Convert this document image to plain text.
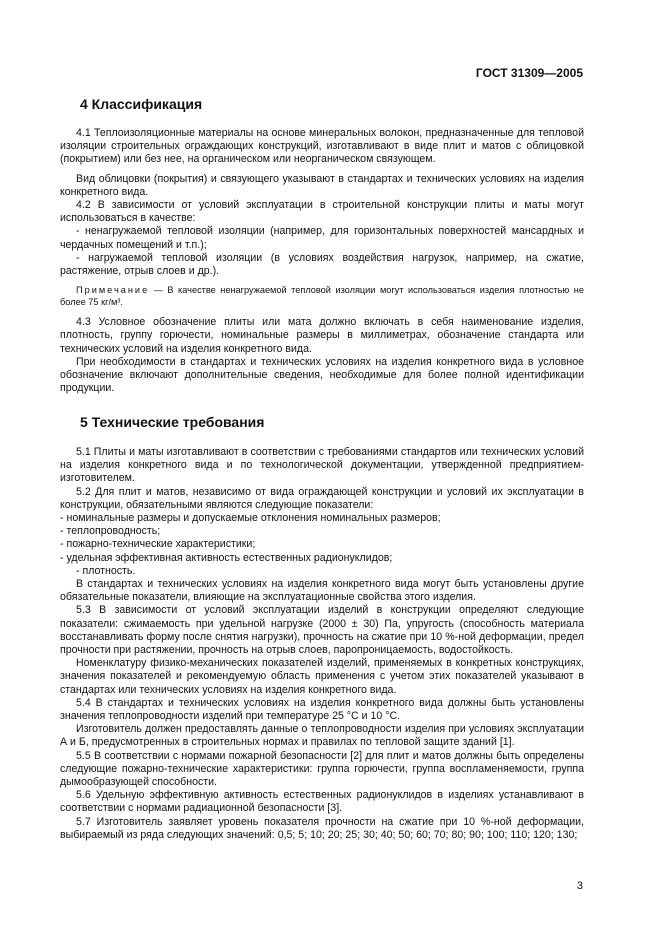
ГОСТ 31309—2005
4 Классификация

4.1 Теплоизоляционные материалы на основе минеральных волокон, предназначенные для тепловой изоляции строительных ограждающих конструкций, изготавливают в виде плит и матов с облицовкой (покрытием) или без нее, на органическом или неорганическом связующем.

Вид облицовки (покрытия) и связующего указывают в стандартах и технических условиях на изделия конкретного вида.

4.2 В зависимости от условий эксплуатации в строительной конструкции плиты и маты могут использоваться в качестве:

- ненагружаемой тепловой изоляции (например, для горизонтальных поверхностей мансардных и чердачных помещений и т.п.);

- нагружаемой тепловой изоляции (в условиях воздействия нагрузок, например, на сжатие, растяжение, отрыв слоев и др.).

Примечание — В качестве ненагружаемой тепловой изоляции могут использоваться изделия плотностью не более 75 кг/м³.

4.3 Условное обозначение плиты или мата должно включать в себя наименование изделия, плотность, группу горючести, номинальные размеры в миллиметрах, обозначение стандарта или технических условий на изделия конкретного вида.

При необходимости в стандартах и технических условиях на изделия конкретного вида в условное обозначение включают дополнительные сведения, необходимые для более полной идентификации продукции.

5 Технические требования

5.1 Плиты и маты изготавливают в соответствии с требованиями стандартов или технических условий на изделия конкретного вида и по технологической документации, утвержденной предприятием-изготовителем.

5.2 Для плит и матов, независимо от вида ограждающей конструкции и условий их эксплуатации в конструкции, обязательными являются следующие показатели:

- номинальные размеры и допускаемые отклонения номинальных размеров;

- теплопроводность;

- пожарно-технические характеристики;

- удельная эффективная активность естественных радионуклидов;

- плотность.

В стандартах и технических условиях на изделия конкретного вида могут быть установлены другие обязательные показатели, влияющие на эксплуатационные свойства этого изделия.

5.3 В зависимости от условий эксплуатации изделий в конструкции определяют следующие показатели: сжимаемость при удельной нагрузке (2000 ± 30) Па, упругость (способность материала восстанавливать форму после снятия нагрузки), прочность на сжатие при 10 %-ной деформации, предел прочности при растяжении, прочность на отрыв слоев, паропроницаемость, водостойкость.

Номенклатуру физико-механических показателей изделий, применяемых в конкретных конструкциях, значения показателей и рекомендуемую область применения с учетом этих показателей указывают в стандартах или технических условиях на изделия конкретного вида.

5.4 В стандартах и технических условиях на изделия конкретного вида должны быть установлены значения теплопроводности изделий при температуре 25 °С и 10 °С.

Изготовитель должен предоставлять данные о теплопроводности изделия при условиях эксплуатации А и Б, предусмотренных в строительных нормах и правилах по тепловой защите зданий [1].

5.5 В соответствии с нормами пожарной безопасности [2] для плит и матов должны быть определены следующие пожарно-технические характеристики: группа горючести, группа воспламеняемости, группа дымообразующей способности.

5.6 Удельную эффективную активность естественных радионуклидов в изделиях устанавливают в соответствии с нормами радиационной безопасности [3].

5.7 Изготовитель заявляет уровень показателя прочности на сжатие при 10 %-ной деформации, выбираемый из ряда следующих значений: 0,5; 5; 10; 20; 25; 30; 40; 50; 60; 70; 80; 90; 100; 110; 120; 130;

3
